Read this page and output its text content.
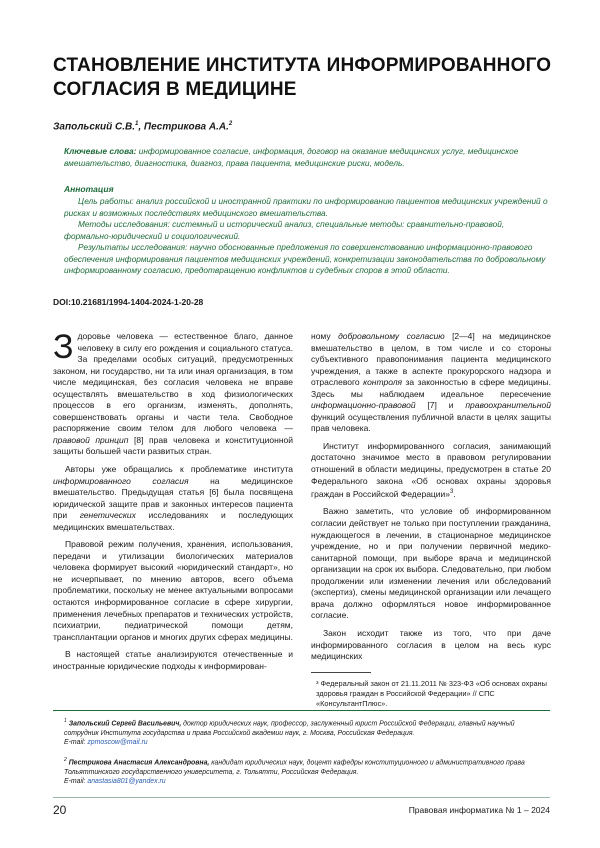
СТАНОВЛЕНИЕ ИНСТИТУТА ИНФОРМИРОВАННОГО СОГЛАСИЯ В МЕДИЦИНЕ
Запольский С.В.1, Пестрикова А.А.2
Ключевые слова: информированное согласие, информация, договор на оказание медицинских услуг, медицинское вмешательство, диагностика, диагноз, права пациента, медицинские риски, модель.
Аннотация

Цель работы: анализ российской и иностранной практики по информированию пациентов медицинских учреждений о рисках и возможных последствиях медицинского вмешательства.

Методы исследования: системный и исторический анализ, специальные методы: сравнительно-правовой, формально-юридический и социологический.

Результаты исследования: научно обоснованные предложения по совершенствованию информационно-правового обеспечения информирования пациентов медицинских учреждений, конкретизации законодательства по добровольному информированному согласию, предотвращению конфликтов и судебных споров в этой области.

DOI:10.21681/1994-1404-2024-1-20-28

З доровье человека — естественное благо, данное человеку в силу его рождения и социального статуса. За пределами особых ситуаций, предусмотренных законом, ни государство, ни та или иная организация, в том числе медицинская, без согласия человека не вправе осуществлять вмешательство в ход физиологических процессов в его организм, изменять, дополнять, совершенствовать органы и части тела. Свободное распоряжение своим телом для любого человека — правовой принцип [8] прав человека и конституционной защиты большей части развитых стран.

Авторы уже обращались к проблематике института информированного согласия на медицинское вмешательство. Предыдущая статья [6] была посвящена юридической защите прав и законных интересов пациента при генетических исследованиях и последующих медицинских вмешательствах.

Правовой режим получения, хранения, использования, передачи и утилизации биологических материалов человека формирует высокий «юридический стандарт», но не исчерпывает, по мнению авторов, всего объема проблематики, поскольку не менее актуальными вопросами остаются информированное согласие в сфере хирургии, применения лечебных препаратов и технических устройств, психиатрии, педиатрической помощи детям, трансплантации органов и многих других сферах медицины.

В настоящей статье анализируются отечественные и иностранные юридические подходы к информирован-

ному добровольному согласию [2—4] на медицинское вмешательство в целом, в том числе и со стороны субъективного правопонимания пациента медицинского учреждения, а также в аспекте прокурорского надзора и отраслевого контроля за законностью в сфере медицины. Здесь мы наблюдаем идеальное пересечение информационно-правовой [7] и правоохранительной функций осуществления публичной власти в целях защиты прав человека.

Институт информированного согласия, занимающий достаточно значимое место в правовом регулировании отношений в области медицины, предусмотрен в статье 20 Федерального закона «Об основах охраны здоровья граждан в Российской Федерации»3.

Важно заметить, что условие об информированном согласии действует не только при поступлении гражданина, нуждающегося в лечении, в стационарное медицинское учреждение, но и при получении первичной медико-санитарной помощи, при выборе врача и медицинской организации на срок их выбора. Следовательно, при любом продолжении или изменении лечения или обследований (экспертиз), смены медицинской организации или лечащего врача должно оформляться новое информированное согласие.

Закон исходит также из того, что при даче информированного согласия в целом на весь курс медицинских

³ Федеральный закон от 21.11.2011 № 323-ФЗ «Об основах охраны здоровья граждан в Российской Федерации» // СПС «КонсультантПлюс».
1 Запольский Сергей Васильевич, доктор юридических наук, профессор, заслуженный юрист Российской Федерации, главный научный сотрудник Института государства и права Российской академии наук, г. Москва, Российская Федерация.
E-mail: zpmoscow@mail.ru
2 Пестрикова Анастасия Александровна, кандидат юридических наук, доцент кафедры конституционного и административного права Тольяттинского государственного университета, г. Тольятти, Российская Федерация.
E-mail: anastasia801@yandex.ru
20	Правовая информатика № 1 – 2024
